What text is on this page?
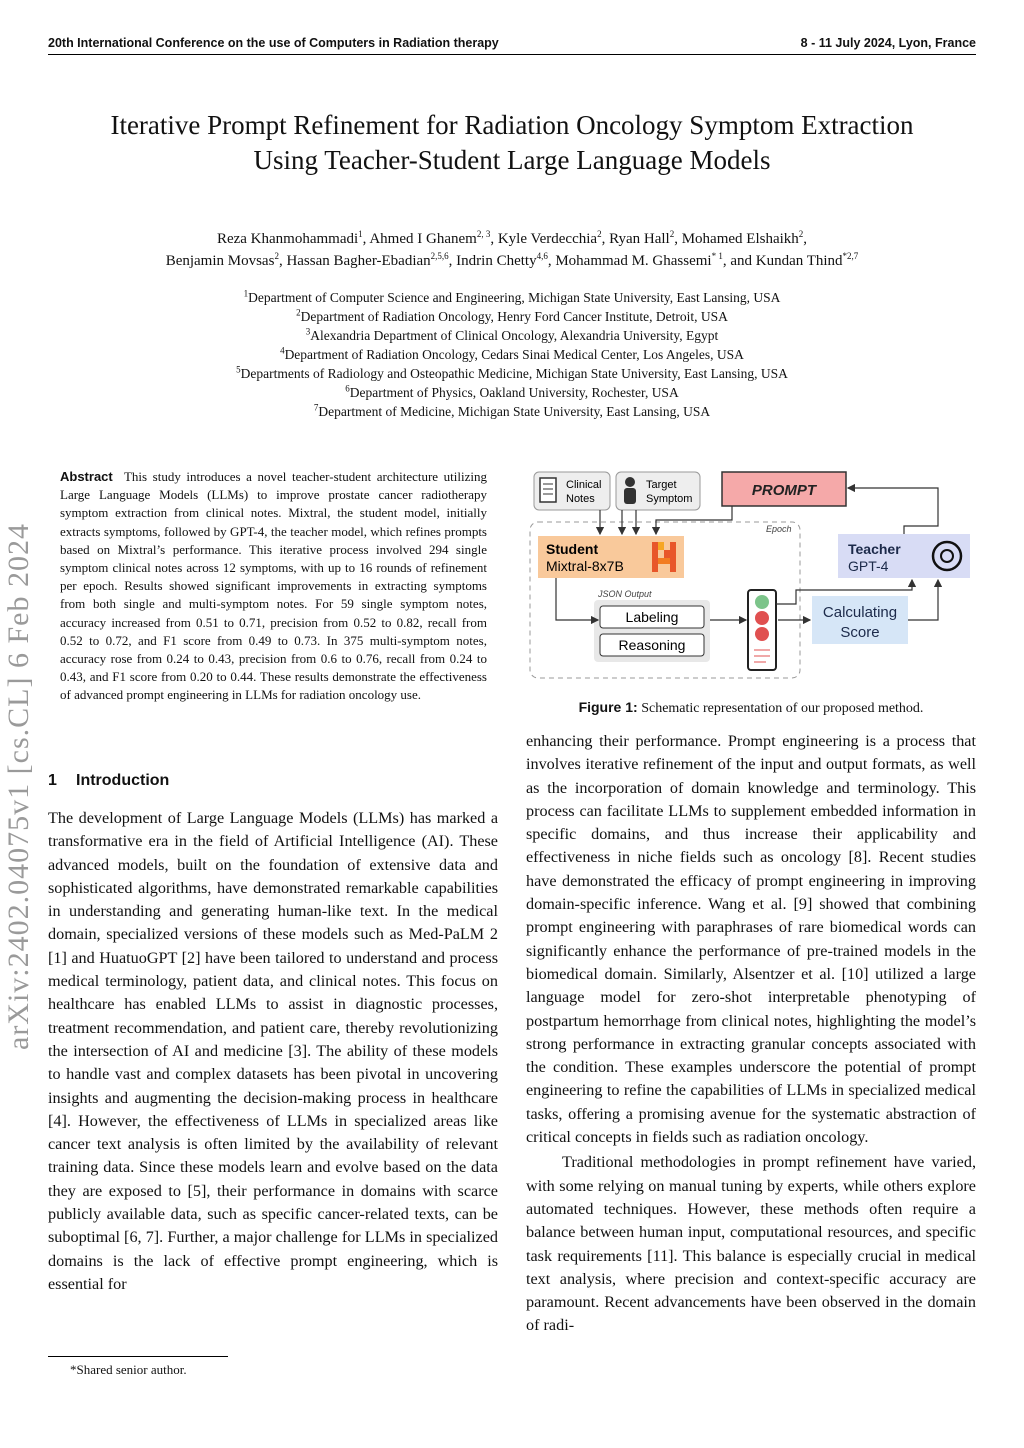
20th International Conference on the use of Computers in Radiation therapy	8 - 11 July 2024, Lyon, France
Iterative Prompt Refinement for Radiation Oncology Symptom Extraction
Using Teacher-Student Large Language Models
Reza Khanmohammadi$^1$, Ahmed I Ghanem$^{2, 3}$, Kyle Verdecchia$^2$, Ryan Hall$^2$, Mohamed Elshaikh$^2$,
Benjamin Movsas$^2$, Hassan Bagher-Ebadian$^{2,5,6}$, Indrin Chetty$^{4,6}$, Mohammad M. Ghassemi$^{* 1}$, and Kundan Thind$^{*2,7}$
$^1$Department of Computer Science and Engineering, Michigan State University, East Lansing, USA
$^2$Department of Radiation Oncology, Henry Ford Cancer Institute, Detroit, USA
$^3$Alexandria Department of Clinical Oncology, Alexandria University, Egypt
$^4$Department of Radiation Oncology, Cedars Sinai Medical Center, Los Angeles, USA
$^5$Departments of Radiology and Osteopathic Medicine, Michigan State University, East Lansing, USA
$^6$Department of Physics, Oakland University, Rochester, USA
$^7$Department of Medicine, Michigan State University, East Lansing, USA
arXiv:2402.04075v1 [cs.CL] 6 Feb 2024
Abstract This study introduces a novel teacher-student architecture utilizing Large Language Models (LLMs) to improve prostate cancer radiotherapy symptom extraction from clinical notes. Mixtral, the student model, initially extracts symptoms, followed by GPT-4, the teacher model, which refines prompts based on Mixtral’s performance. This iterative process involved 294 single symptom clinical notes across 12 symptoms, with up to 16 rounds of refinement per epoch. Results showed significant improvements in extracting symptoms from both single and multi-symptom notes. For 59 single symptom notes, accuracy increased from 0.51 to 0.71, precision from 0.52 to 0.82, recall from 0.52 to 0.72, and F1 score from 0.49 to 0.73. In 375 multi-symptom notes, accuracy rose from 0.24 to 0.43, precision from 0.6 to 0.76, recall from 0.24 to 0.43, and F1 score from 0.20 to 0.44. These results demonstrate the effectiveness of advanced prompt engineering in LLMs for radiation oncology use.
1 Introduction
The development of Large Language Models (LLMs) has marked a transformative era in the field of Artificial Intelligence (AI). These advanced models, built on the foundation of extensive data and sophisticated algorithms, have demonstrated remarkable capabilities in understanding and generating human-like text. In the medical domain, specialized versions of these models such as Med-PaLM 2 [1] and HuatuoGPT [2] have been tailored to understand and process medical terminology, patient data, and clinical notes. This focus on healthcare has enabled LLMs to assist in diagnostic processes, treatment recommendation, and patient care, thereby revolutionizing the intersection of AI and medicine [3]. The ability of these models to handle vast and complex datasets has been pivotal in uncovering insights and augmenting the decision-making process in healthcare [4]. However, the effectiveness of LLMs in specialized areas like cancer text analysis is often limited by the availability of relevant training data. Since these models learn and evolve based on the data they are exposed to [5], their performance in domains with scarce publicly available data, such as specific cancer-related texts, can be suboptimal [6, 7]. Further, a major challenge for LLMs in specialized domains is the lack of effective prompt engineering, which is essential for
Clinical
Notes
Target
Symptom	PROMPT
Epoch
Student
Mixtral-8x7B
Teacher
GPT-4
JSON Output
Labeling
Reasoning
Calculating
Score
Figure 1: Schematic representation of our proposed method.

enhancing their performance. Prompt engineering is a process that involves iterative refinement of the input and output formats, as well as the incorporation of domain knowledge and terminology. This process can facilitate LLMs to supplement embedded information in specific domains, and thus increase their applicability and effectiveness in niche fields such as oncology [8]. Recent studies have demonstrated the efficacy of prompt engineering in improving domain-specific inference. Wang et al. [9] showed that combining prompt engineering with paraphrases of rare biomedical words can significantly enhance the performance of pre-trained models in the biomedical domain. Similarly, Alsentzer et al. [10] utilized a large language model for zero-shot interpretable phenotyping of postpartum hemorrhage from clinical notes, highlighting the model’s strong performance in extracting granular concepts associated with the condition. These examples underscore the potential of prompt engineering to refine the capabilities of LLMs in specialized medical tasks, offering a promising avenue for the systematic abstraction of critical concepts in fields such as radiation oncology.

Traditional methodologies in prompt refinement have varied, with some relying on manual tuning by experts, while others explore automated techniques. However, these methods often require a balance between human input, computational resources, and specific task requirements [11]. This balance is especially crucial in medical text analysis, where precision and context-specific accuracy are paramount. Recent advancements have been observed in the domain of radi-

*Shared senior author.
